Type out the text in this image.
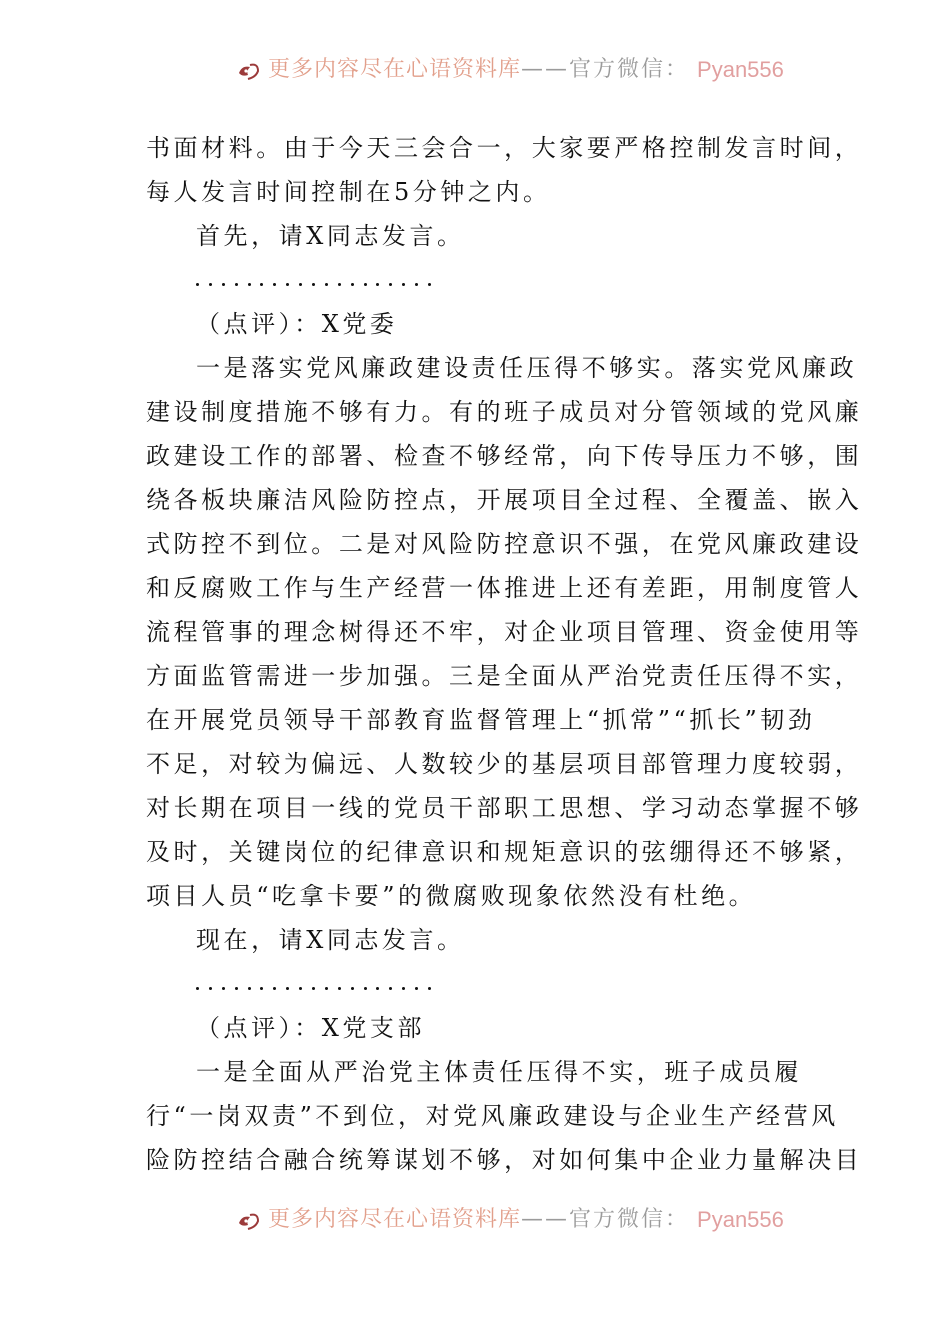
更多内容尽在心语资料库 ——官方微信： Pyan556
书面材料。由于今天三会合一，大家要严格控制发言时间，
每人发言时间控制在5分钟之内。
首先，请X同志发言。
（点评）：X党委
一是落实党风廉政建设责任压得不够实。落实党风廉政
建设制度措施不够有力。有的班子成员对分管领域的党风廉
政建设工作的部署、检查不够经常，向下传导压力不够，围
绕各板块廉洁风险防控点，开展项目全过程、全覆盖、嵌入
式防控不到位。二是对风险防控意识不强，在党风廉政建设
和反腐败工作与生产经营一体推进上还有差距，用制度管人
流程管事的理念树得还不牢，对企业项目管理、资金使用等
方面监管需进一步加强。三是全面从严治党责任压得不实，
在开展党员领导干部教育监督管理上“抓常”“抓长”韧劲
不足，对较为偏远、人数较少的基层项目部管理力度较弱，
对长期在项目一线的党员干部职工思想、学习动态掌握不够
及时，关键岗位的纪律意识和规矩意识的弦绷得还不够紧，
项目人员“吃拿卡要”的微腐败现象依然没有杜绝。
现在，请X同志发言。
（点评）：X党支部
一是全面从严治党主体责任压得不实，班子成员履
行“一岗双责”不到位，对党风廉政建设与企业生产经营风
险防控结合融合统筹谋划不够，对如何集中企业力量解决目
更多内容尽在心语资料库 ——官方微信： Pyan556
